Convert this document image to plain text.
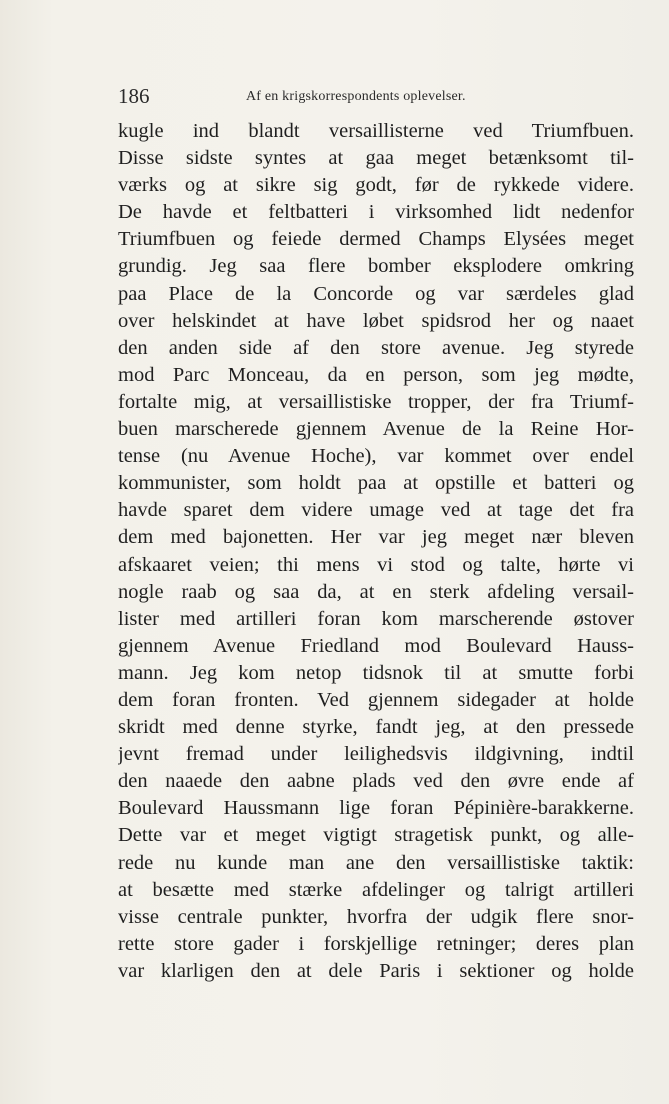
186	Af en krigskorrespondents oplevelser.
kugle ind blandt versaillisterne ved Triumfbuen.
Disse sidste syntes at gaa meget betænksomt til-
værks og at sikre sig godt, før de rykkede videre.
De havde et feltbatteri i virksomhed lidt nedenfor
Triumfbuen og feiede dermed Champs Elysées meget
grundig. Jeg saa flere bomber eksplodere omkring
paa Place de la Concorde og var særdeles glad
over helskindet at have løbet spidsrod her og naaet
den anden side af den store avenue. Jeg styrede
mod Parc Monceau, da en person, som jeg mødte,
fortalte mig, at versaillistiske tropper, der fra Triumf-
buen marscherede gjennem Avenue de la Reine Hor-
tense (nu Avenue Hoche), var kommet over endel
kommunister, som holdt paa at opstille et batteri og
havde sparet dem videre umage ved at tage det fra
dem med bajonetten. Her var jeg meget nær bleven
afskaaret veien; thi mens vi stod og talte, hørte vi
nogle raab og saa da, at en sterk afdeling versail-
lister med artilleri foran kom marscherende østover
gjennem Avenue Friedland mod Boulevard Hauss-
mann. Jeg kom netop tidsnok til at smutte forbi
dem foran fronten. Ved gjennem sidegader at holde
skridt med denne styrke, fandt jeg, at den pressede
jevnt fremad under leilighedsvis ildgivning, indtil
den naaede den aabne plads ved den øvre ende af
Boulevard Haussmann lige foran Pépinière-barakkerne.
Dette var et meget vigtigt stragetisk punkt, og alle-
rede nu kunde man ane den versaillistiske taktik:
at besætte med stærke afdelinger og talrigt artilleri
visse centrale punkter, hvorfra der udgik flere snor-
rette store gader i forskjellige retninger; deres plan
var klarligen den at dele Paris i sektioner og holde
